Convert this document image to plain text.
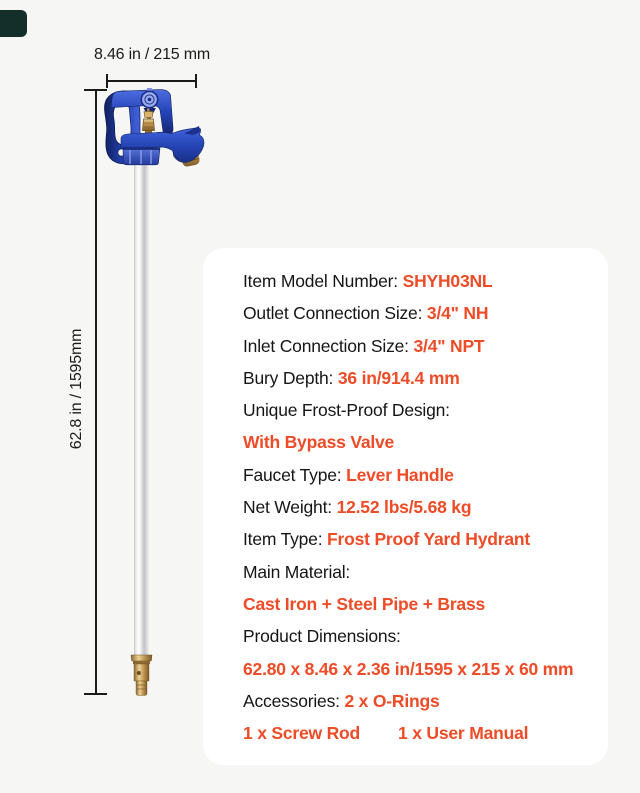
8.46 in / 215 mm
62.8 in / 1595mm
Item Model Number: SHYH03NL
Outlet Connection Size: 3/4" NH
Inlet Connection Size: 3/4" NPT
Bury Depth: 36 in/914.4 mm
Unique Frost-Proof Design:
With Bypass Valve
Faucet Type: Lever Handle
Net Weight: 12.52 lbs/5.68 kg
Item Type: Frost Proof Yard Hydrant
Main Material:
Cast Iron + Steel Pipe + Brass
Product Dimensions:
62.80 x 8.46 x 2.36 in/1595 x 215 x 60 mm
Accessories: 2 x O-Rings
1 x Screw Rod 1 x User Manual
